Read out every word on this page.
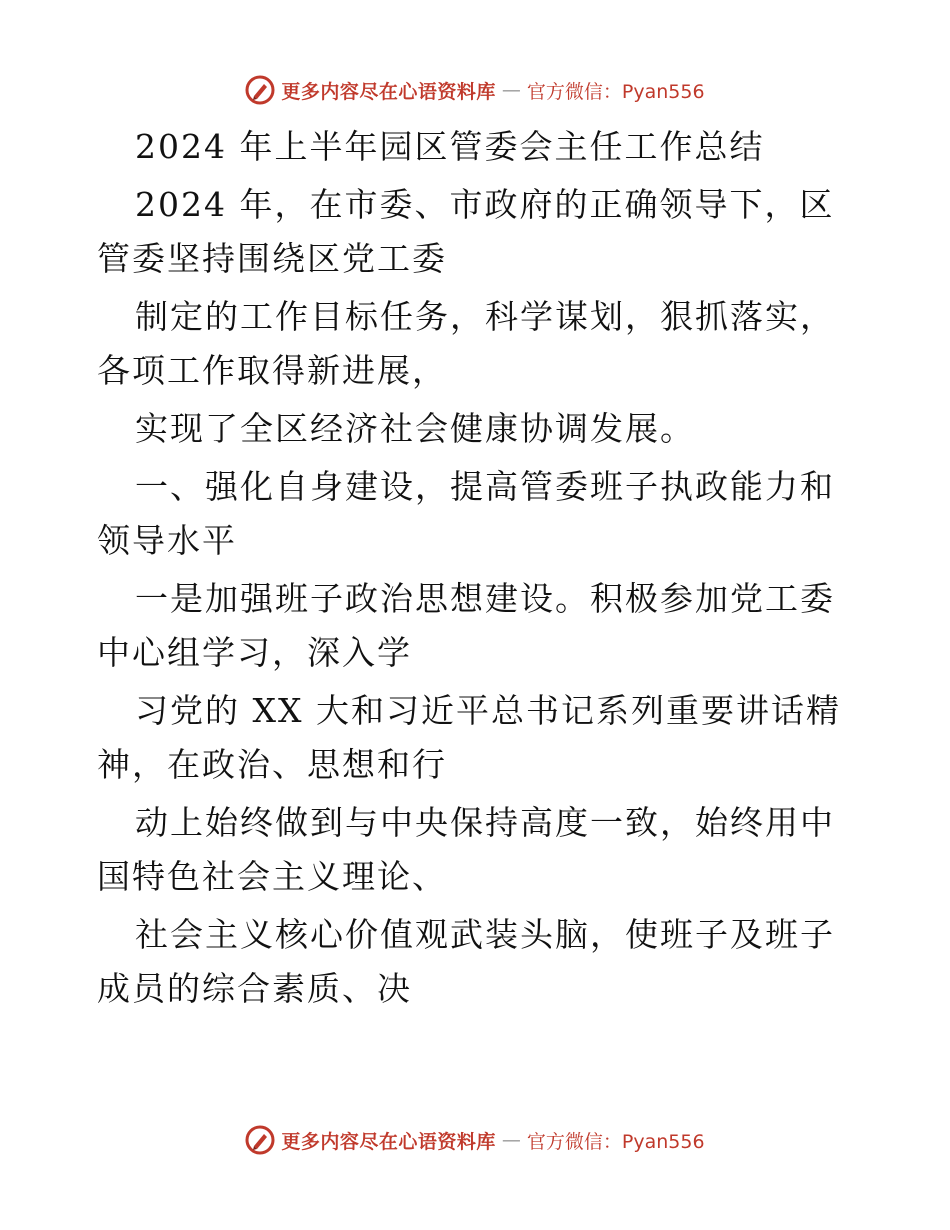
更多内容尽在心语资料库 — 官方微信：Pyan556

2024 年上半年园区管委会主任工作总结

2024 年，在市委、市政府的正确领导下，区管委坚持围绕区党工委

制定的工作目标任务，科学谋划，狠抓落实，各项工作取得新进展，

实现了全区经济社会健康协调发展。

一、强化自身建设，提高管委班子执政能力和领导水平

一是加强班子政治思想建设。积极参加党工委中心组学习，深入学

习党的 XX 大和习近平总书记系列重要讲话精神，在政治、思想和行

动上始终做到与中央保持高度一致，始终用中国特色社会主义理论、

社会主义核心价值观武装头脑，使班子及班子成员的综合素质、决

更多内容尽在心语资料库 — 官方微信：Pyan556
